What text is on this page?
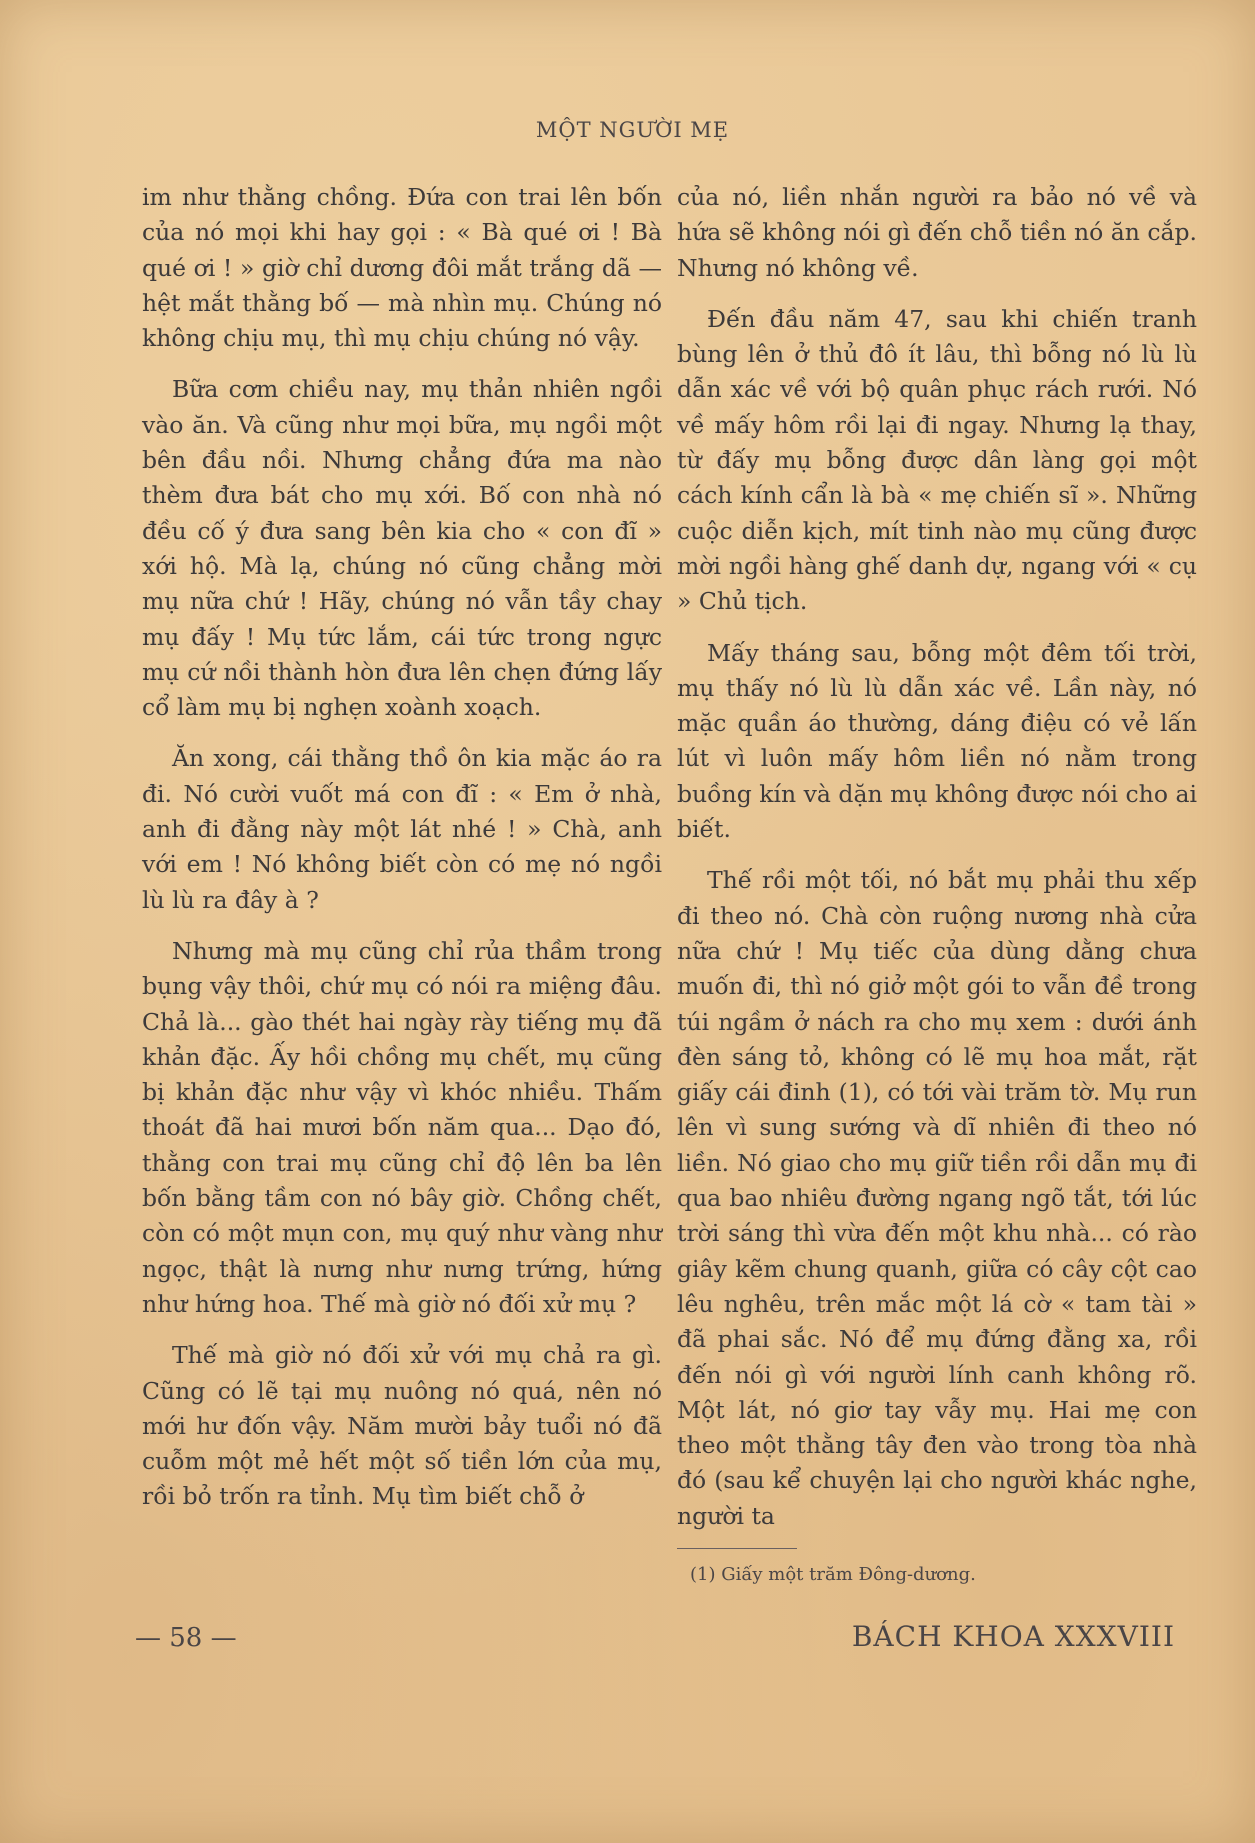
MỘT NGƯỜI MẸ

im như thằng chồng. Đứa con trai lên bốn của nó mọi khi hay gọi : « Bà qué ơi ! Bà qué ơi ! » giờ chỉ dương đôi mắt trắng dã — hệt mắt thằng bố — mà nhìn mụ. Chúng nó không chịu mụ, thì mụ chịu chúng nó vậy.

Bữa cơm chiều nay, mụ thản nhiên ngồi vào ăn. Và cũng như mọi bữa, mụ ngồi một bên đầu nồi. Nhưng chẳng đứa ma nào thèm đưa bát cho mụ xới. Bố con nhà nó đều cố ý đưa sang bên kia cho « con đĩ » xới hộ. Mà lạ, chúng nó cũng chẳng mời mụ nữa chứ ! Hãy, chúng nó vẫn tầy chay mụ đấy ! Mụ tức lắm, cái tức trong ngực mụ cứ nồi thành hòn đưa lên chẹn đứng lấy cổ làm mụ bị nghẹn xoành xoạch.

Ăn xong, cái thằng thồ ôn kia mặc áo ra đi. Nó cười vuốt má con đĩ : « Em ở nhà, anh đi đằng này một lát nhé ! » Chà, anh với em ! Nó không biết còn có mẹ nó ngồi lù lù ra đây à ?

Nhưng mà mụ cũng chỉ rủa thầm trong bụng vậy thôi, chứ mụ có nói ra miệng đâu. Chả là... gào thét hai ngày rày tiếng mụ đã khản đặc. Ấy hồi chồng mụ chết, mụ cũng bị khản đặc như vậy vì khóc nhiều. Thấm thoát đã hai mươi bốn năm qua... Dạo đó, thằng con trai mụ cũng chỉ độ lên ba lên bốn bằng tầm con nó bây giờ. Chồng chết, còn có một mụn con, mụ quý như vàng như ngọc, thật là nưng như nưng trứng, hứng như hứng hoa. Thế mà giờ nó đối xử mụ ?

Thế mà giờ nó đối xử với mụ chả ra gì. Cũng có lẽ tại mụ nuông nó quá, nên nó mới hư đốn vậy. Năm mười bảy tuổi nó đã cuỗm một mẻ hết một số tiền lớn của mụ, rồi bỏ trốn ra tỉnh. Mụ tìm biết chỗ ở

của nó, liền nhắn người ra bảo nó về và hứa sẽ không nói gì đến chỗ tiền nó ăn cắp. Nhưng nó không về.

Đến đầu năm 47, sau khi chiến tranh bùng lên ở thủ đô ít lâu, thì bỗng nó lù lù dẫn xác về với bộ quân phục rách rưới. Nó về mấy hôm rồi lại đi ngay. Nhưng lạ thay, từ đấy mụ bỗng được dân làng gọi một cách kính cẩn là bà « mẹ chiến sĩ ». Những cuộc diễn kịch, mít tinh nào mụ cũng được mời ngồi hàng ghế danh dự, ngang với « cụ » Chủ tịch.

Mấy tháng sau, bỗng một đêm tối trời, mụ thấy nó lù lù dẫn xác về. Lần này, nó mặc quần áo thường, dáng điệu có vẻ lấn lút vì luôn mấy hôm liền nó nằm trong buồng kín và dặn mụ không được nói cho ai biết.

Thế rồi một tối, nó bắt mụ phải thu xếp đi theo nó. Chà còn ruộng nương nhà cửa nữa chứ ! Mụ tiếc của dùng dằng chưa muốn đi, thì nó giở một gói to vẫn đề trong túi ngầm ở nách ra cho mụ xem : dưới ánh đèn sáng tỏ, không có lẽ mụ hoa mắt, rặt giấy cái đinh (1), có tới vài trăm tờ. Mụ run lên vì sung sướng và dĩ nhiên đi theo nó liền. Nó giao cho mụ giữ tiền rồi dẫn mụ đi qua bao nhiêu đường ngang ngõ tắt, tới lúc trời sáng thì vừa đến một khu nhà... có rào giây kẽm chung quanh, giữa có cây cột cao lêu nghêu, trên mắc một lá cờ « tam tài » đã phai sắc. Nó để mụ đứng đằng xa, rồi đến nói gì với người lính canh không rõ. Một lát, nó giơ tay vẫy mụ. Hai mẹ con theo một thằng tây đen vào trong tòa nhà đó (sau kể chuyện lại cho người khác nghe, người ta

(1) Giấy một trăm Đông-dương.
— 58 —	BÁCH KHOA XXXVIII
